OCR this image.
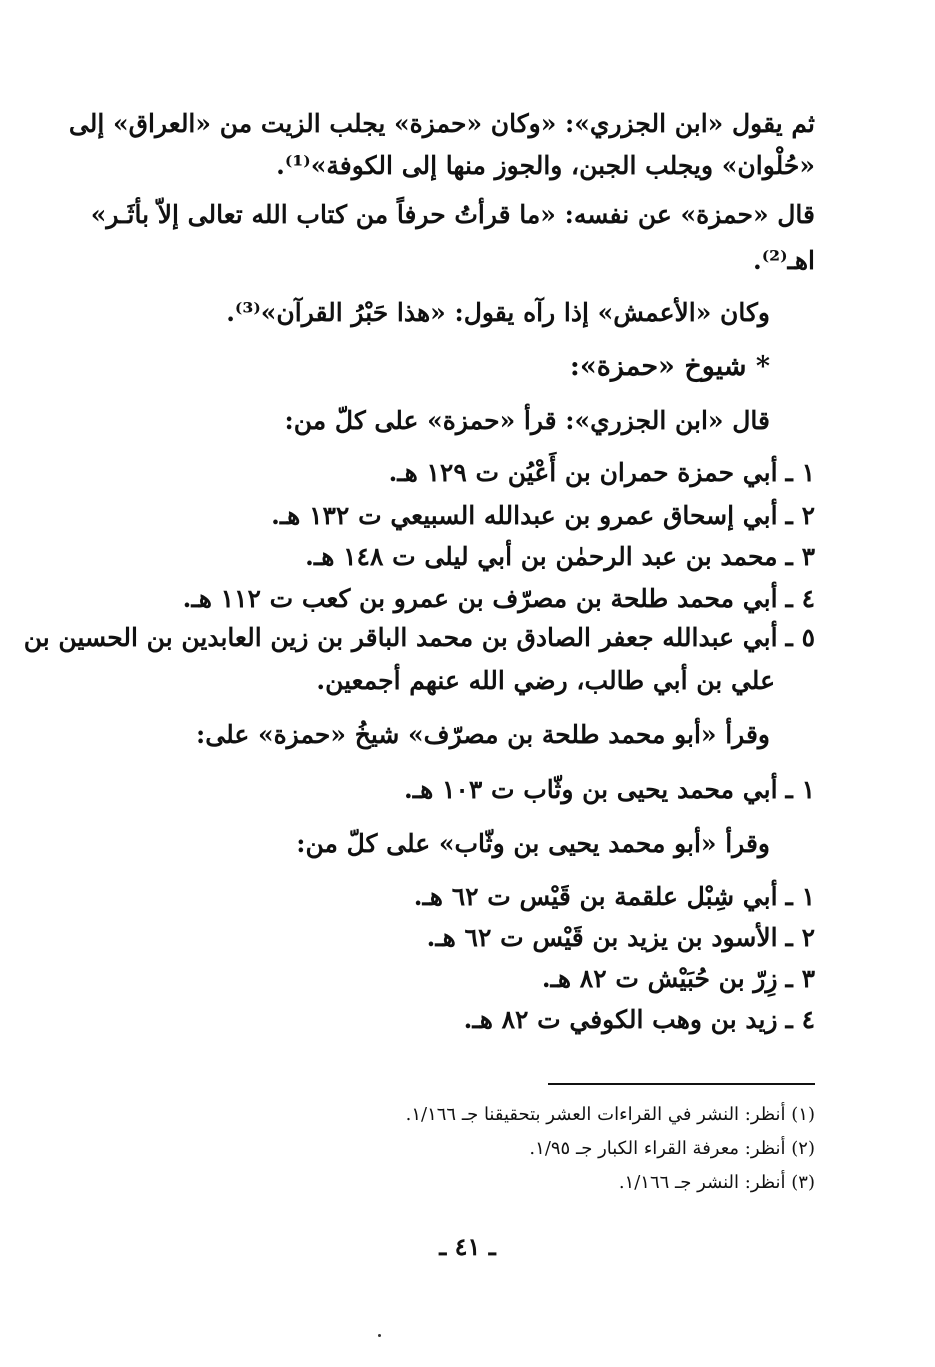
ثم يقول «ابن الجزري»: «وكان «حمزة» يجلب الزيت من «العراق» إلى
«حُلْوان» ويجلب الجبن، والجوز منها إلى الكوفة»⁽¹⁾.
قال «حمزة» عن نفسه: «ما قرأتُ حرفاً من كتاب الله تعالى إلاّ بأثَـر»
اهـ⁽²⁾.
وكان «الأعمش» إذا رآه يقول: «هذا حَبْرُ القرآن»⁽³⁾.
* شيوخ «حمزة»:
قال «ابن الجزري»: قرأ «حمزة» على كلّ من:
١ ـأبي حمزة حمران بن أَعْيُن ت ١٢٩ هـ.
٢ ـأبي إسحاق عمرو بن عبدالله السبيعي ت ١٣٢ هـ.
٣ ـمحمد بن عبد الرحمٰن بن أبي ليلى ت ١٤٨ هـ.
٤ ـأبي محمد طلحة بن مصرّف بن عمرو بن كعب ت ١١٢ هـ.
٥ ـأبي عبدالله جعفر الصادق بن محمد الباقر بن زين العابدين بن الحسين بن
علي بن أبي طالب، رضي الله عنهم أجمعين.
وقرأ «أبو محمد طلحة بن مصرّف» شيخُ «حمزة» على:
١ ـأبي محمد يحيى بن وثّاب ت ١٠٣ هـ.
وقرأ «أبو محمد يحيى بن وثّاب» على كلّ من:
١ ـأبي شِبْل علقمة بن قَيْس ت ٦٢ هـ.
٢ ـالأسود بن يزيد بن قَيْس ت ٦٢ هـ.
٣ ـزِرّ بن حُبَيْش ت ٨٢ هـ.
٤ ـزيد بن وهب الكوفي ت ٨٢ هـ.
(١) أنظر: النشر في القراءات العشر بتحقيقنا جـ ١/١٦٦.
(٢) أنظر: معرفة القراء الكبار جـ ١/٩٥.
(٣) أنظر: النشر جـ ١/١٦٦.
ـ ٤١ ـ
